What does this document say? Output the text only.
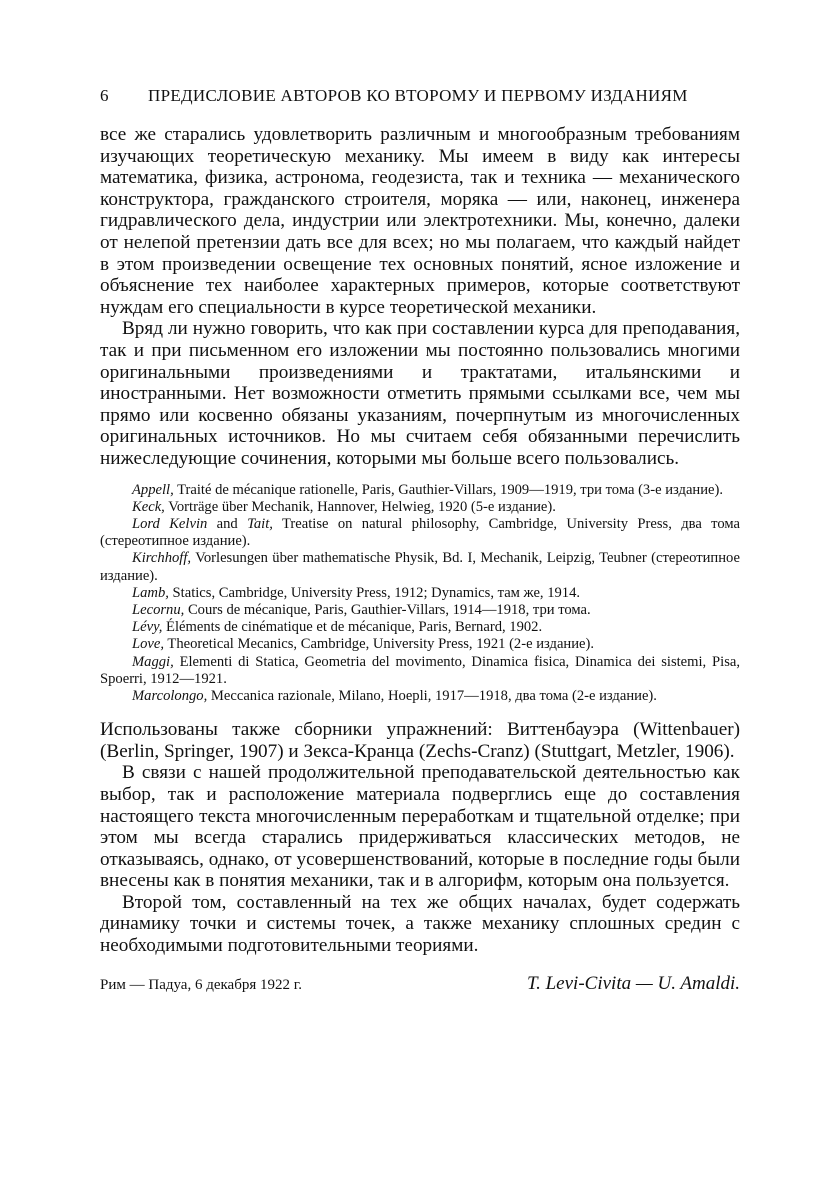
6	ПРЕДИСЛОВИЕ АВТОРОВ КО ВТОРОМУ И ПЕРВОМУ ИЗДАНИЯМ

все же старались удовлетворить различным и многообразным требованиям изучающих теоретическую механику. Мы имеем в виду как интересы математика, физика, астронома, геодезиста, так и техника — механического конструктора, гражданского строителя, моряка — или, наконец, инженера гидравлического дела, индустрии или электротехники. Мы, конечно, далеки от нелепой претензии дать все для всех; но мы полагаем, что каждый найдет в этом произведении освещение тех основных понятий, ясное изложение и объяснение тех наиболее характерных примеров, которые соответствуют нуждам его специальности в курсе теоретической механики.

Вряд ли нужно говорить, что как при составлении курса для преподавания, так и при письменном его изложении мы постоянно пользовались многими оригинальными произведениями и трактатами, итальянскими и иностранными. Нет возможности отметить прямыми ссылками все, чем мы прямо или косвенно обязаны указаниям, почерпнутым из многочисленных оригинальных источников. Но мы считаем себя обязанными перечислить нижеследующие сочинения, которыми мы больше всего пользовались.

Appell, Traité de mécanique rationelle, Paris, Gauthier-Villars, 1909—1919, три тома (3-е издание).

Keck, Vorträge über Mechanik, Hannover, Helwieg, 1920 (5-е издание).

Lord Kelvin and Tait, Treatise on natural philosophy, Cambridge, University Press, два тома (стереотипное издание).

Kirchhoff, Vorlesungen über mathematische Physik, Bd. I, Mechanik, Leipzig, Teubner (стереотипное издание).

Lamb, Statics, Cambridge, University Press, 1912; Dynamics, там же, 1914.

Lecornu, Cours de mécanique, Paris, Gauthier-Villars, 1914—1918, три тома.

Lévy, Éléments de cinématique et de mécanique, Paris, Bernard, 1902.

Love, Theoretical Mecanics, Cambridge, University Press, 1921 (2-е издание).

Maggi, Elementi di Statica, Geometria del movimento, Dinamica fisica, Dinamica dei sistemi, Pisa, Spoerri, 1912—1921.

Marcolongo, Meccanica razionale, Milano, Hoepli, 1917—1918, два тома (2-е издание).

Использованы также сборники упражнений: Виттенбауэра (Wittenbauer) (Berlin, Springer, 1907) и Зекса-Кранца (Zechs-Cranz) (Stuttgart, Metzler, 1906).

В связи с нашей продолжительной преподавательской деятельностью как выбор, так и расположение материала подверглись еще до составления настоящего текста многочисленным переработкам и тщательной отделке; при этом мы всегда старались придерживаться классических методов, не отказываясь, однако, от усовершенствований, которые в последние годы были внесены как в понятия механики, так и в алгорифм, которым она пользуется.

Второй том, составленный на тех же общих началах, будет содержать динамику точки и системы точек, а также механику сплошных средин с необходимыми подготовительными теориями.

Рим — Падуа, 6 декабря 1922 г.	T. Levi-Civita — U. Amaldi.
